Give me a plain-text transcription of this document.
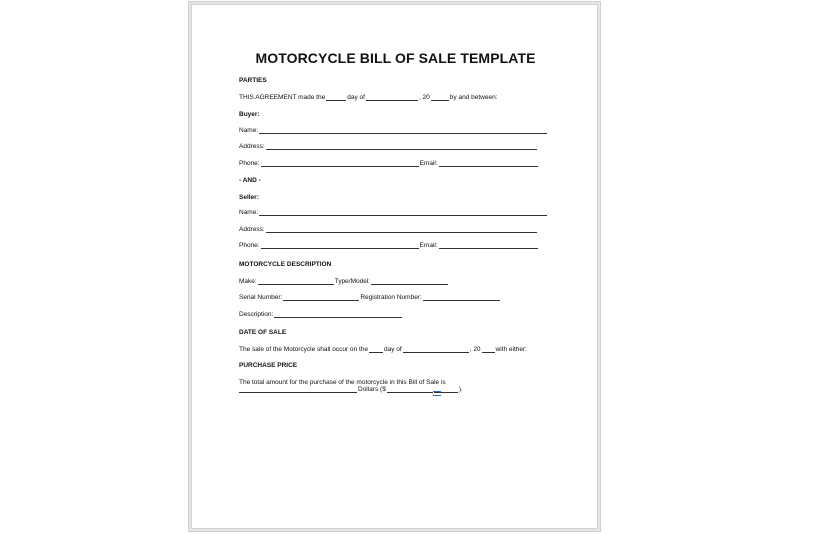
MOTORCYCLE BILL OF SALE TEMPLATE
PARTIES
THIS AGREEMENT made the	day of	, 20	by and between:
Buyer:
Name:
Address:
Phone:	Email:
- AND -
Seller:
Name:
Address:
Phone:	Email:
MOTORCYCLE DESCRIPTION
Make:	Type/Model:
Serial Number:	Registration Number:
Description:
DATE OF SALE
The sale of the Motorcycle shall occur on the day of	, 20 with either:
PURCHASE PRICE
The total amount for the purchase of the motorcycle in this Bill of Sale is
Dollars ($	).
